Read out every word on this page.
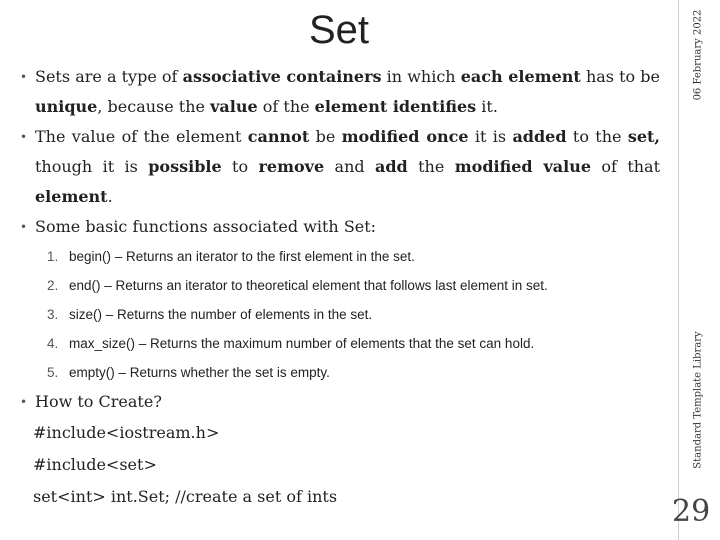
Set	06 February 2022
Standard Template Library
29
• Sets are a type of associative containers in which each element has to be unique, because the value of the element identifies it.
• The value of the element cannot be modified once it is added to the set, though it is possible to remove and add the modified value of that element.
• Some basic functions associated with Set:
1. begin() – Returns an iterator to the first element in the set.
2. end() – Returns an iterator to theoretical element that follows last element in set.
3. size() – Returns the number of elements in the set.
4. max_size() – Returns the maximum number of elements that the set can hold.
5. empty() – Returns whether the set is empty.
• How to Create?
#include<iostream.h>
#include<set>
set<int> int.Set; //create a set of ints
